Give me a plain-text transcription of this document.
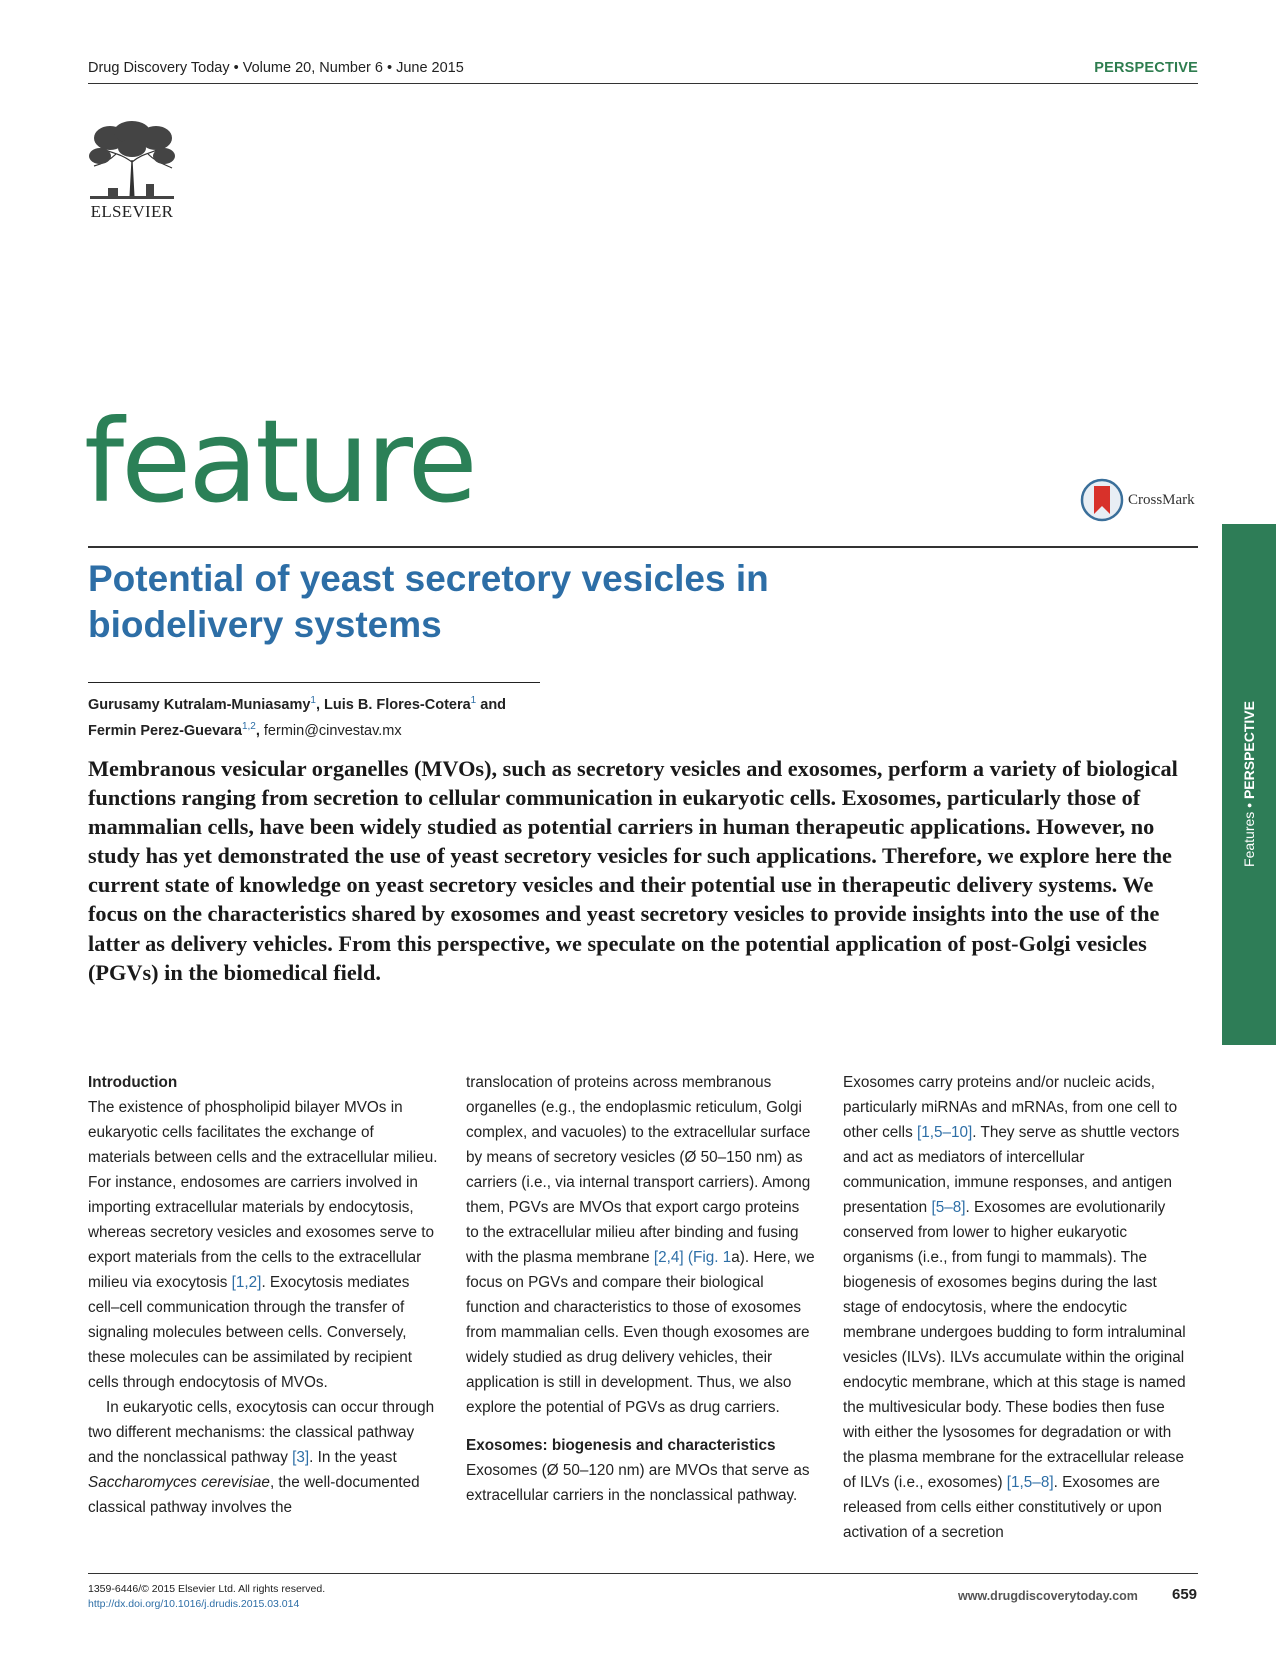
Drug Discovery Today • Volume 20, Number 6 • June 2015	PERSPECTIVE
ELSEVIER
feature	CrossMark
Potential of yeast secretory vesicles in biodelivery systems
Gurusamy Kutralam-Muniasamy$^1$, Luis B. Flores-Cotera$^1$ and
Fermin Perez-Guevara$^{1,2}$, fermin@cinvestav.mx
Membranous vesicular organelles (MVOs), such as secretory vesicles and exosomes, perform a variety of biological functions ranging from secretion to cellular communication in eukaryotic cells. Exosomes, particularly those of mammalian cells, have been widely studied as potential carriers in human therapeutic applications. However, no study has yet demonstrated the use of yeast secretory vesicles for such applications. Therefore, we explore here the current state of knowledge on yeast secretory vesicles and their potential use in therapeutic delivery systems. We focus on the characteristics shared by exosomes and yeast secretory vesicles to provide insights into the use of the latter as delivery vehicles. From this perspective, we speculate on the potential application of post-Golgi vesicles (PGVs) in the biomedical field.
Features • PERSPECTIVE
Introduction

The existence of phospholipid bilayer MVOs in eukaryotic cells facilitates the exchange of materials between cells and the extracellular milieu. For instance, endosomes are carriers involved in importing extracellular materials by endocytosis, whereas secretory vesicles and exosomes serve to export materials from the cells to the extracellular milieu via exocytosis [1,2]. Exocytosis mediates cell–cell communication through the transfer of signaling molecules between cells. Conversely, these molecules can be assimilated by recipient cells through endocytosis of MVOs.

In eukaryotic cells, exocytosis can occur through two different mechanisms: the classical pathway and the nonclassical pathway [3]. In the yeast Saccharomyces cerevisiae, the well-documented classical pathway involves the

translocation of proteins across membranous organelles (e.g., the endoplasmic reticulum, Golgi complex, and vacuoles) to the extracellular surface by means of secretory vesicles (Ø 50–150 nm) as carriers (i.e., via internal transport carriers). Among them, PGVs are MVOs that export cargo proteins to the extracellular milieu after binding and fusing with the plasma membrane [2,4] (Fig. 1a). Here, we focus on PGVs and compare their biological function and characteristics to those of exosomes from mammalian cells. Even though exosomes are widely studied as drug delivery vehicles, their application is still in development. Thus, we also explore the potential of PGVs as drug carriers.

Exosomes: biogenesis and characteristics

Exosomes (Ø 50–120 nm) are MVOs that serve as extracellular carriers in the nonclassical pathway.

Exosomes carry proteins and/or nucleic acids, particularly miRNAs and mRNAs, from one cell to other cells [1,5–10]. They serve as shuttle vectors and act as mediators of intercellular communication, immune responses, and antigen presentation [5–8]. Exosomes are evolutionarily conserved from lower to higher eukaryotic organisms (i.e., from fungi to mammals). The biogenesis of exosomes begins during the last stage of endocytosis, where the endocytic membrane undergoes budding to form intraluminal vesicles (ILVs). ILVs accumulate within the original endocytic membrane, which at this stage is named the multivesicular body. These bodies then fuse with either the lysosomes for degradation or with the plasma membrane for the extracellular release of ILVs (i.e., exosomes) [1,5–8]. Exosomes are released from cells either constitutively or upon activation of a secretion

1359-6446/© 2015 Elsevier Ltd. All rights reserved.
http://dx.doi.org/10.1016/j.drudis.2015.03.014
www.drugdiscoverytoday.com 659
